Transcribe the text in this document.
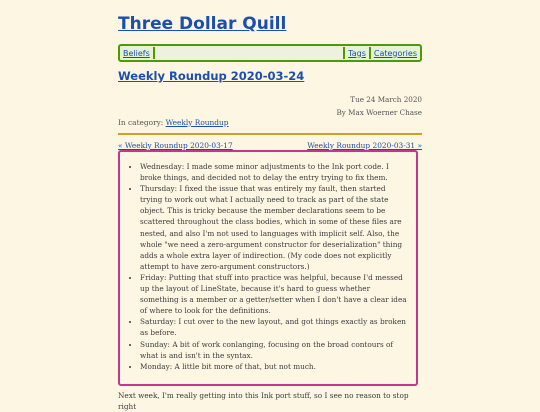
Three Dollar Quill
Beliefs	Tags	Categories
Weekly Roundup 2020-03-24
Tue 24 March 2020
By Max Woerner Chase
In category: Weekly Roundup
« Weekly Roundup 2020-03-17	Weekly Roundup 2020-03-31 »
• Wednesday: I made some minor adjustments to the Ink port code. I broke things, and decided not to delay the entry trying to fix them.
• Thursday: I fixed the issue that was entirely my fault, then started trying to work out what I actually need to track as part of the state object. This is tricky because the member declarations seem to be scattered throughout the class bodies, which in some of these files are nested, and also I'm not used to languages with implicit self. Also, the whole "we need a zero-argument constructor for deserialization" thing adds a whole extra layer of indirection. (My code does not explicitly attempt to have zero-argument constructors.)
• Friday: Putting that stuff into practice was helpful, because I'd messed up the layout of LineState, because it's hard to guess whether something is a member or a getter/setter when I don't have a clear idea of where to look for the definitions.
• Saturday: I cut over to the new layout, and got things exactly as broken as before.
• Sunday: A bit of work conlanging, focusing on the broad contours of what is and isn't in the syntax.
• Monday: A little bit more of that, but not much.
Next week, I'm really getting into this Ink port stuff, so I see no reason to stop right
